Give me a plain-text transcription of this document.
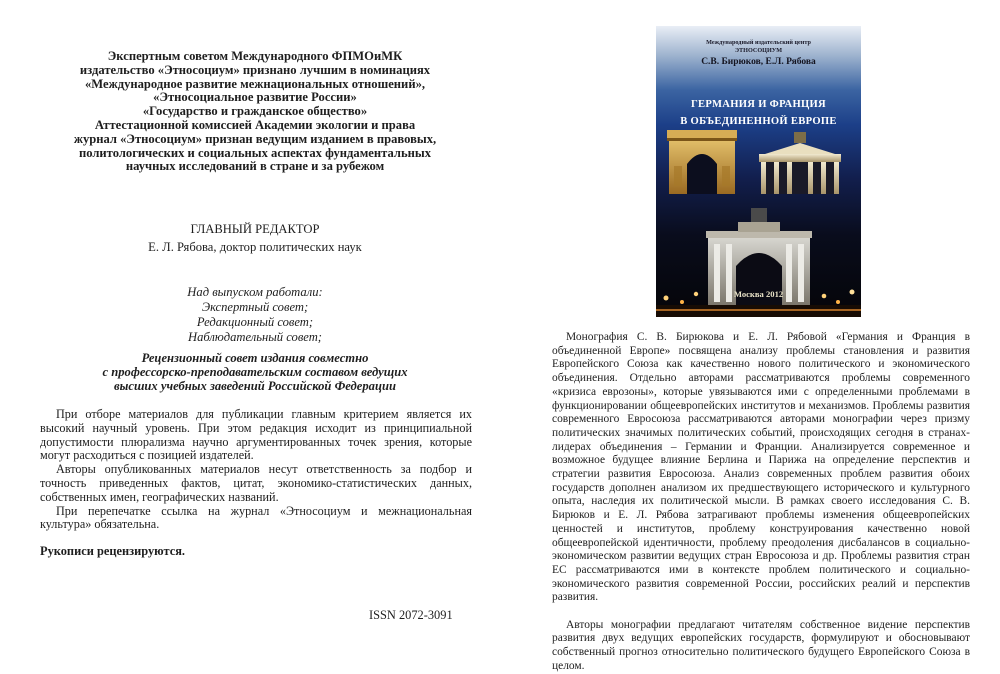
Экспертным советом Международного ФПМОиМК
издательство «Этносоциум» признано лучшим в номинациях
«Международное развитие межнациональных отношений»,
«Этносоциальное развитие России»
«Государство и гражданское общество»
Аттестационной комиссией Академии экологии и права
журнал «Этносоциум» признан ведущим изданием в правовых,
политологических и социальных аспектах фундаментальных
научных исследований в стране и за рубежом
ГЛАВНЫЙ РЕДАКТОР
Е. Л. Рябова, доктор политических наук
Над выпуском работали:
Экспертный совет;
Редакционный совет;
Наблюдательный совет;
Рецензионный совет издания совместно
с профессорско-преподавательским составом ведущих
высших учебных заведений Российской Федерации

При отборе материалов для публикации главным критерием является их высокий научный уровень. При этом редакция исходит из принципиальной допустимости плюрализма научно аргументированных точек зрения, которые могут расходиться с позицией издателей.

Авторы опубликованных материалов несут ответственность за подбор и точность приведенных фактов, цитат, экономико-статистических данных, собственных имен, географических названий.

При перепечатке ссылка на журнал «Этносоциум и межнациональная культура» обязательна.

Рукописи рецензируются.
ISSN 2072-3091
Международный издательский центр
ЭТНОСОЦИУМ
С.В. Бирюков, Е.Л. Рябова
ГЕРМАНИЯ И ФРАНЦИЯ
В ОБЪЕДИНЕННОЙ ЕВРОПЕ
Москва 2012

Монография С. В. Бирюкова и Е. Л. Рябовой «Германия и Франция в объединенной Европе» посвящена анализу проблемы становления и развития Европейского Союза как качественно нового политического и экономического объединения. Отдельно авторами рассматриваются проблемы современного «кризиса еврозоны», которые увязываются ими с определенными проблемами в функционировании общеевропейских институтов и механизмов. Проблемы развития современного Евросоюза рассматриваются авторами монографии через призму политических значимых политических событий, происходящих сегодня в странах-лидерах объединения – Германии и Франции. Анализируется современное и возможное будущее влияние Берлина и Парижа на определение перспектив и стратегии развития Евросоюза. Анализ современных проблем развития обоих государств дополнен анализом их предшествующего исторического и культурного опыта, наследия их политической мысли. В рамках своего исследования С. В. Бирюков и Е. Л. Рябова затрагивают проблемы изменения общеевропейских ценностей и институтов, проблему конструирования качественно новой общеевропейской идентичности, проблему преодоления дисбалансов в социально-экономическом развитии ведущих стран Евросоюза и др. Проблемы развития стран ЕС рассматриваются ими в контексте проблем политического и социально-экономического развития современной России, российских реалий и перспектив развития.

Авторы монографии предлагают читателям собственное видение перспектив развития двух ведущих европейских государств, формулируют и обосновывают собственный прогноз относительно политического будущего Европейского Союза в целом.
